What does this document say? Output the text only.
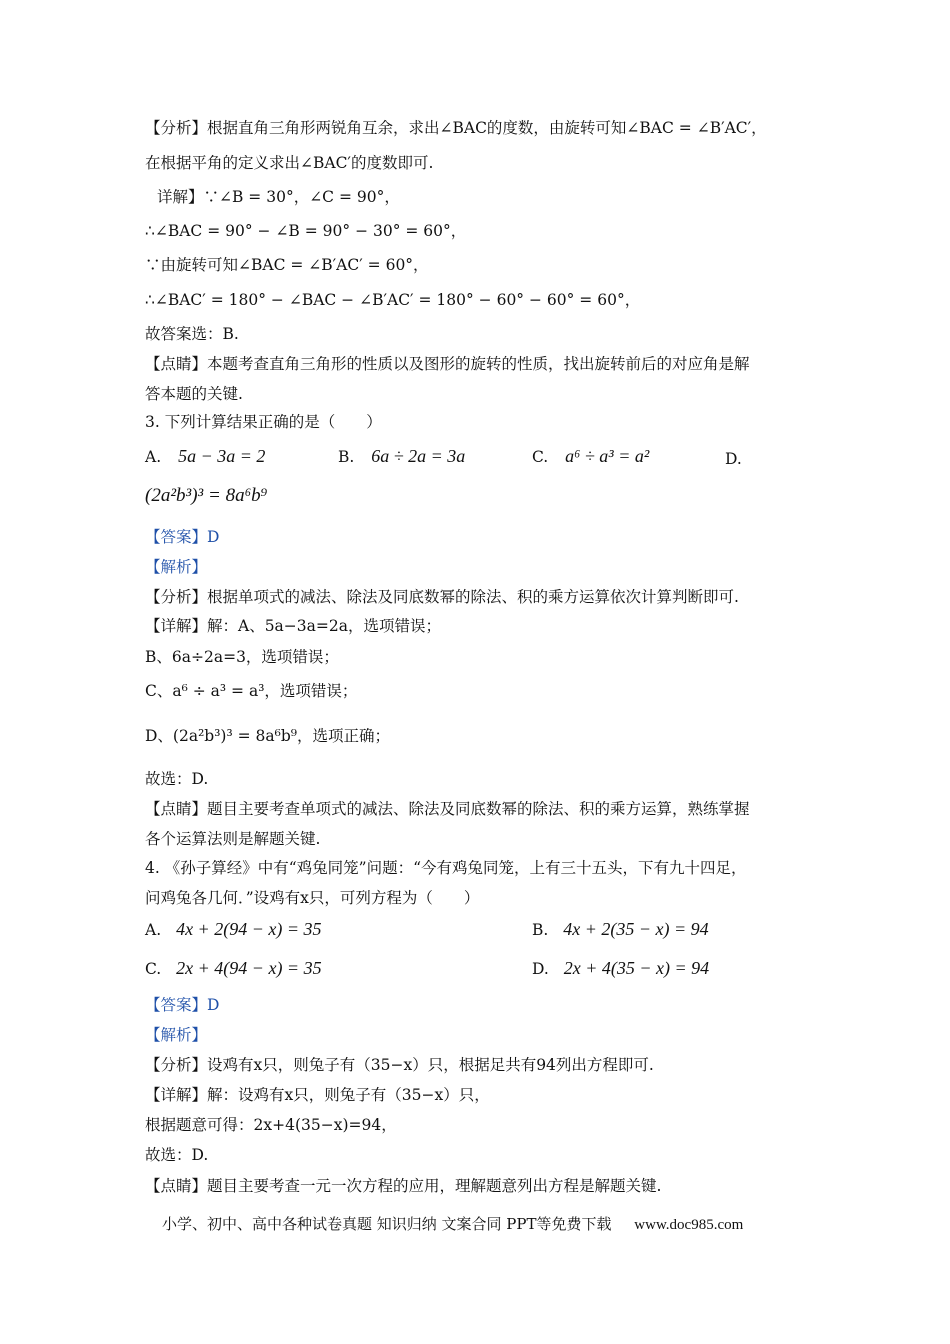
【分析】根据直角三角形两锐角互余，求出∠BAC的度数，由旋转可知∠BAC = ∠B′AC′，
在根据平角的定义求出∠BAC′的度数即可.
详解】∵∠B = 30°，∠C = 90°，
∴∠BAC = 90° − ∠B = 90° − 30° = 60°，
∵由旋转可知∠BAC = ∠B′AC′ = 60°，
∴∠BAC′ = 180° − ∠BAC − ∠B′AC′ = 180° − 60° − 60° = 60°，
故答案选：B.
【点睛】本题考查直角三角形的性质以及图形的旋转的性质，找出旋转前后的对应角是解
答本题的关键.
3. 下列计算结果正确的是（　　）
A. 5a − 3a = 2	B. 6a ÷ 2a = 3a	C. a⁶ ÷ a³ = a²	D.
(2a²b³)³ = 8a⁶b⁹
【答案】D
【解析】
【分析】根据单项式的减法、除法及同底数幂的除法、积的乘方运算依次计算判断即可.
【详解】解：A、5a−3a=2a，选项错误；
B、6a÷2a=3，选项错误；
C、a⁶ ÷ a³ = a³，选项错误；
D、(2a²b³)³ = 8a⁶b⁹，选项正确；
故选：D.
【点睛】题目主要考查单项式的减法、除法及同底数幂的除法、积的乘方运算，熟练掌握
各个运算法则是解题关键.
4. 《孙子算经》中有“鸡兔同笼”问题：“今有鸡兔同笼，上有三十五头，下有九十四足，
问鸡兔各几何．”设鸡有x只，可列方程为（　　）
A. 4x + 2(94 − x) = 35	B. 4x + 2(35 − x) = 94
C. 2x + 4(94 − x) = 35	D. 2x + 4(35 − x) = 94
【答案】D
【解析】
【分析】设鸡有x只，则兔子有（35−x）只，根据足共有94列出方程即可.
【详解】解：设鸡有x只，则兔子有（35−x）只，
根据题意可得：2x+4(35−x)=94，
故选：D.
【点睛】题目主要考查一元一次方程的应用，理解题意列出方程是解题关键.
小学、初中、高中各种试卷真题 知识归纳 文案合同 PPT等免费下载 www.doc985.com
